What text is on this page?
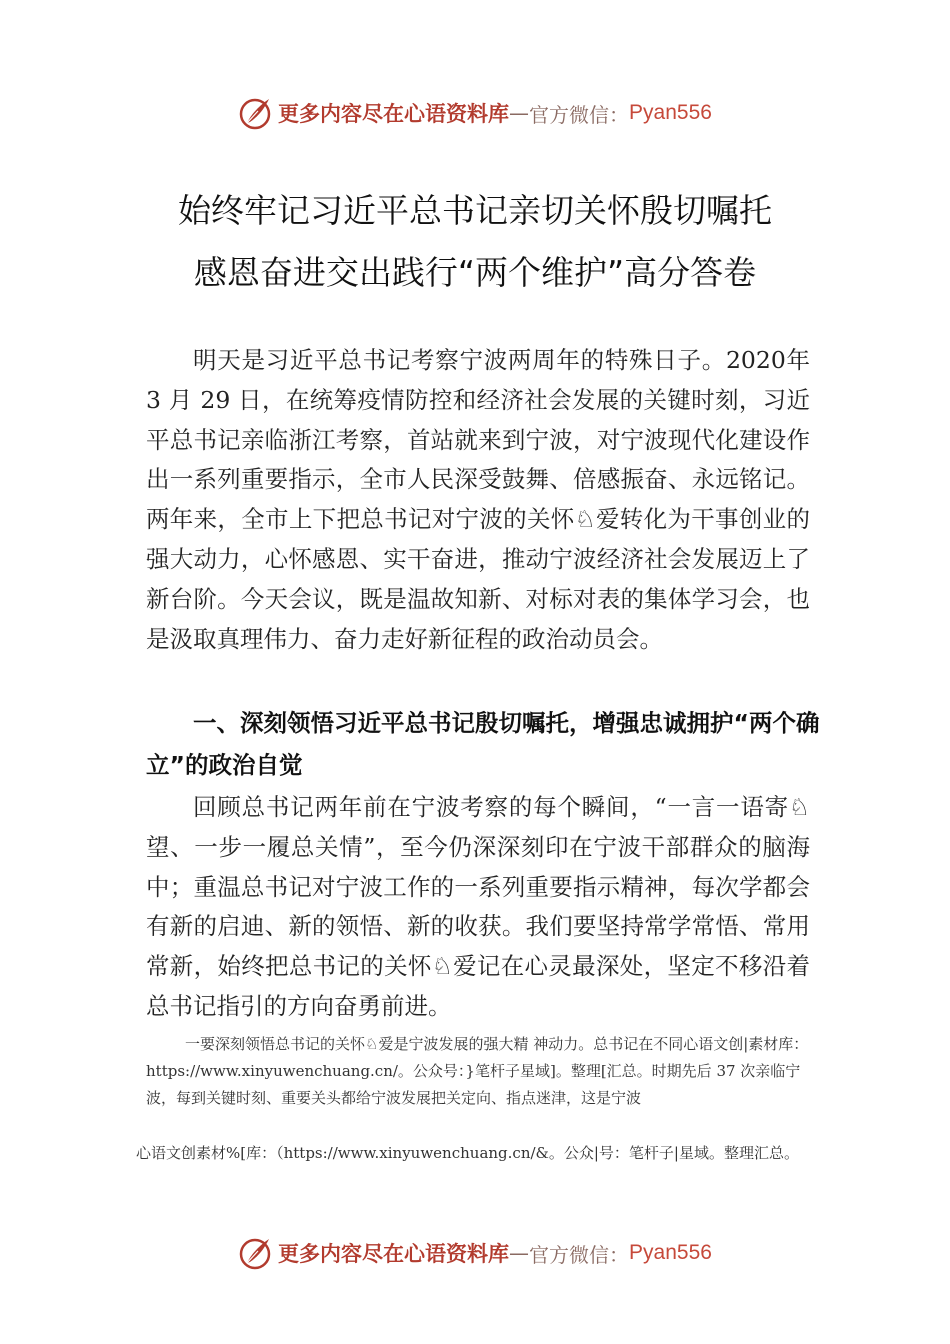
更多内容尽在心语资料库 — 官方微信： Pyan556
始终牢记习近平总书记亲切关怀殷切嘱托
感恩奋进交出践行“两个维护”高分答卷

明天是习近平总书记考察宁波两周年的特殊日子。2020年 3 月 29 日，在统筹疫情防控和经济社会发展的关键时刻，习近平总书记亲临浙江考察，首站就来到宁波，对宁波现代化建设作出一系列重要指示，全市人民深受鼓舞、倍感振奋、永远铭记。两年来，全市上下把总书记对宁波的关怀♘爱转化为干事创业的强大动力，心怀感恩、实干奋进，推动宁波经济社会发展迈上了新台阶。今天会议，既是温故知新、对标对表的集体学习会，也是汲取真理伟力、奋力走好新征程的政治动员会。

一、深刻领悟习近平总书记殷切嘱托，增强忠诚拥护“两个确立”的政治自觉

回顾总书记两年前在宁波考察的每个瞬间，“一言一语寄♘望、一步一履总关情”，至今仍深深刻印在宁波干部群众的脑海中；重温总书记对宁波工作的一系列重要指示精神，每次学都会有新的启迪、新的领悟、新的收获。我们要坚持常学常悟、常用常新，始终把总书记的关怀♘爱记在心灵最深处，坚定不移沿着总书记指引的方向奋勇前进。

一要深刻领悟总书记的关怀♘爱是宁波发展的强大精 神动力。总书记在不同心语文创|素材库：https://www.xinyuwenchuang.cn/。公众号：}笔杆子星域]。整理[汇总。时期先后 37 次亲临宁波，每到关键时刻、重要关头都给宁波发展把关定向、指点迷津，这是宁波
心语文创素材%[库：（https://www.xinyuwenchuang.cn/&。公众|号：笔杆子|星域。整理汇总。
更多内容尽在心语资料库 — 官方微信： Pyan556
